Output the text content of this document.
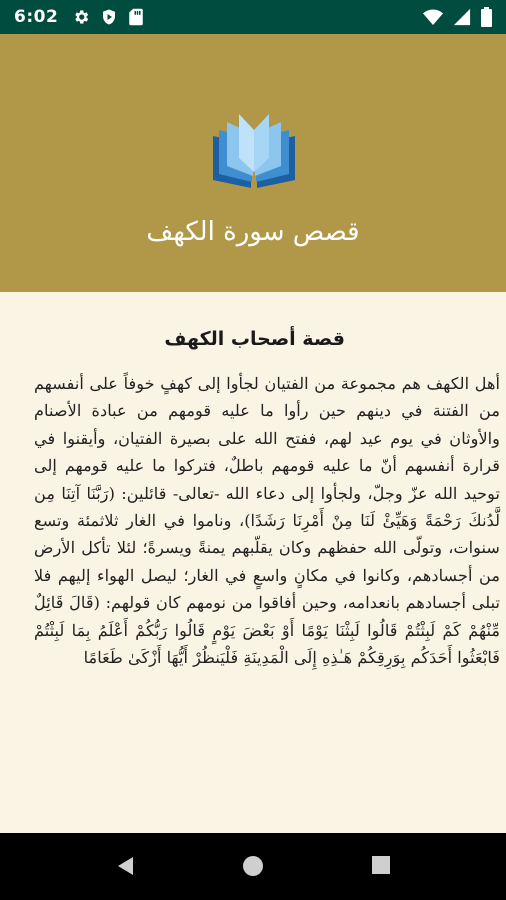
6:02
قصص سورة الكهف
قصة أصحاب الكهف
أهل الكهف هم مجموعة من الفتيان لجأوا إلى كهفٍ خوفاً على أنفسهم من الفتنة في دينهم حين رأوا ما عليه قومهم من عبادة الأصنام والأوثان في يوم عيد لهم، ففتح الله على بصيرة الفتيان، وأيقنوا في قرارة أنفسهم أنّ ما عليه قومهم باطلٌ، فتركوا ما عليه قومهم إلى توحيد الله عزّ وجلّ، ولجأوا إلى دعاء الله -تعالى- قائلين: (رَبَّنَا آتِنَا مِن لَّدُنكَ رَحْمَةً وَهَيِّئْ لَنَا مِنْ أَمْرِنَا رَشَدًا)، وناموا في الغار ثلاثمئة وتسع سنوات، وتولّى الله حفظهم وكان يقلّبهم يمنةً ويسرةً؛ لئلا تأكل الأرض من أجسادهم، وكانوا في مكانٍ واسعٍ في الغار؛ ليصل الهواء إليهم فلا تبلى أجسادهم بانعدامه، وحين أفاقوا من نومهم كان قولهم: (قَالَ قَائِلٌ مِّنْهُمْ كَمْ لَبِثْتُمْ قَالُوا لَبِثْنَا يَوْمًا أَوْ بَعْضَ يَوْمٍ قَالُوا رَبُّكُمْ أَعْلَمُ بِمَا لَبِثْتُمْ فَابْعَثُوا أَحَدَكُم بِوَرِقِكُمْ هَـٰذِهِ إِلَى الْمَدِينَةِ فَلْيَنظُرْ أَيُّهَا أَزْكَىٰ طَعَامًا
